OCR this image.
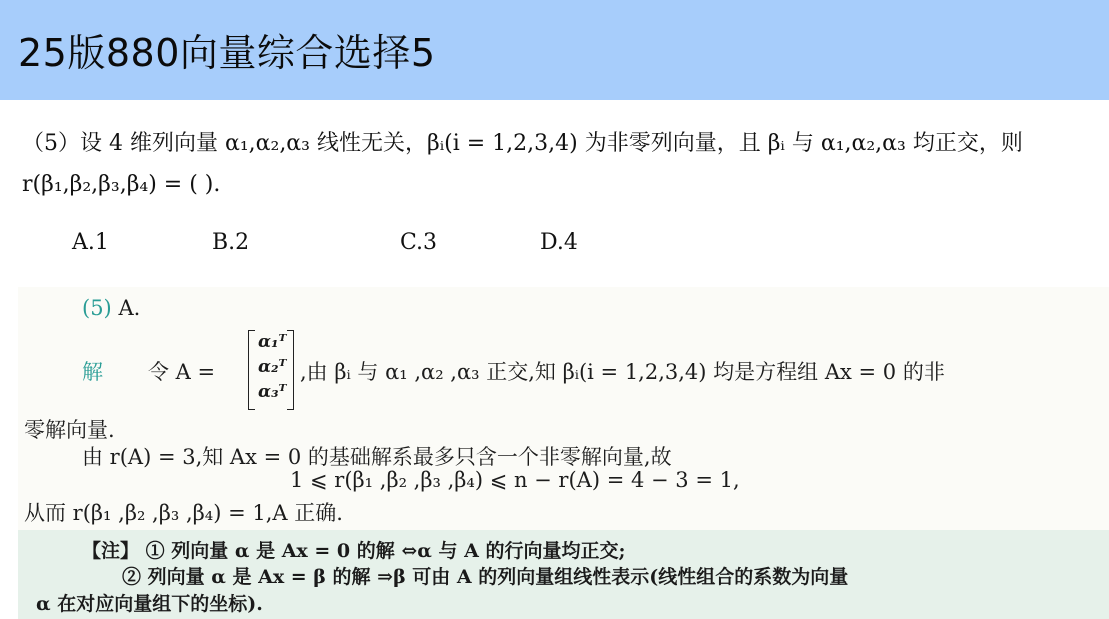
25版880向量综合选择5
（5）设 4 维列向量 α₁,α₂,α₃ 线性无关，βᵢ(i = 1,2,3,4) 为非零列向量，且 βᵢ 与 α₁,α₂,α₃ 均正交，则
r(β₁,β₂,β₃,β₄) = ( ).
A.1	B.2	C.3	D.4
(5) A.
解 令 A =
α₁ᵀ
α₂ᵀ
α₃ᵀ
,由 βᵢ 与 α₁ ,α₂ ,α₃ 正交,知 βᵢ(i = 1,2,3,4) 均是方程组 Ax = 0 的非
零解向量.
由 r(A) = 3,知 Ax = 0 的基础解系最多只含一个非零解向量,故
1 ⩽ r(β₁ ,β₂ ,β₃ ,β₄) ⩽ n − r(A) = 4 − 3 = 1,
从而 r(β₁ ,β₂ ,β₃ ,β₄) = 1,A 正确.
【注】 ① 列向量 α 是 Ax = 0 的解 ⇔α 与 A 的行向量均正交;
② 列向量 α 是 Ax = β 的解 ⇒β 可由 A 的列向量组线性表示(线性组合的系数为向量
α 在对应向量组下的坐标).
